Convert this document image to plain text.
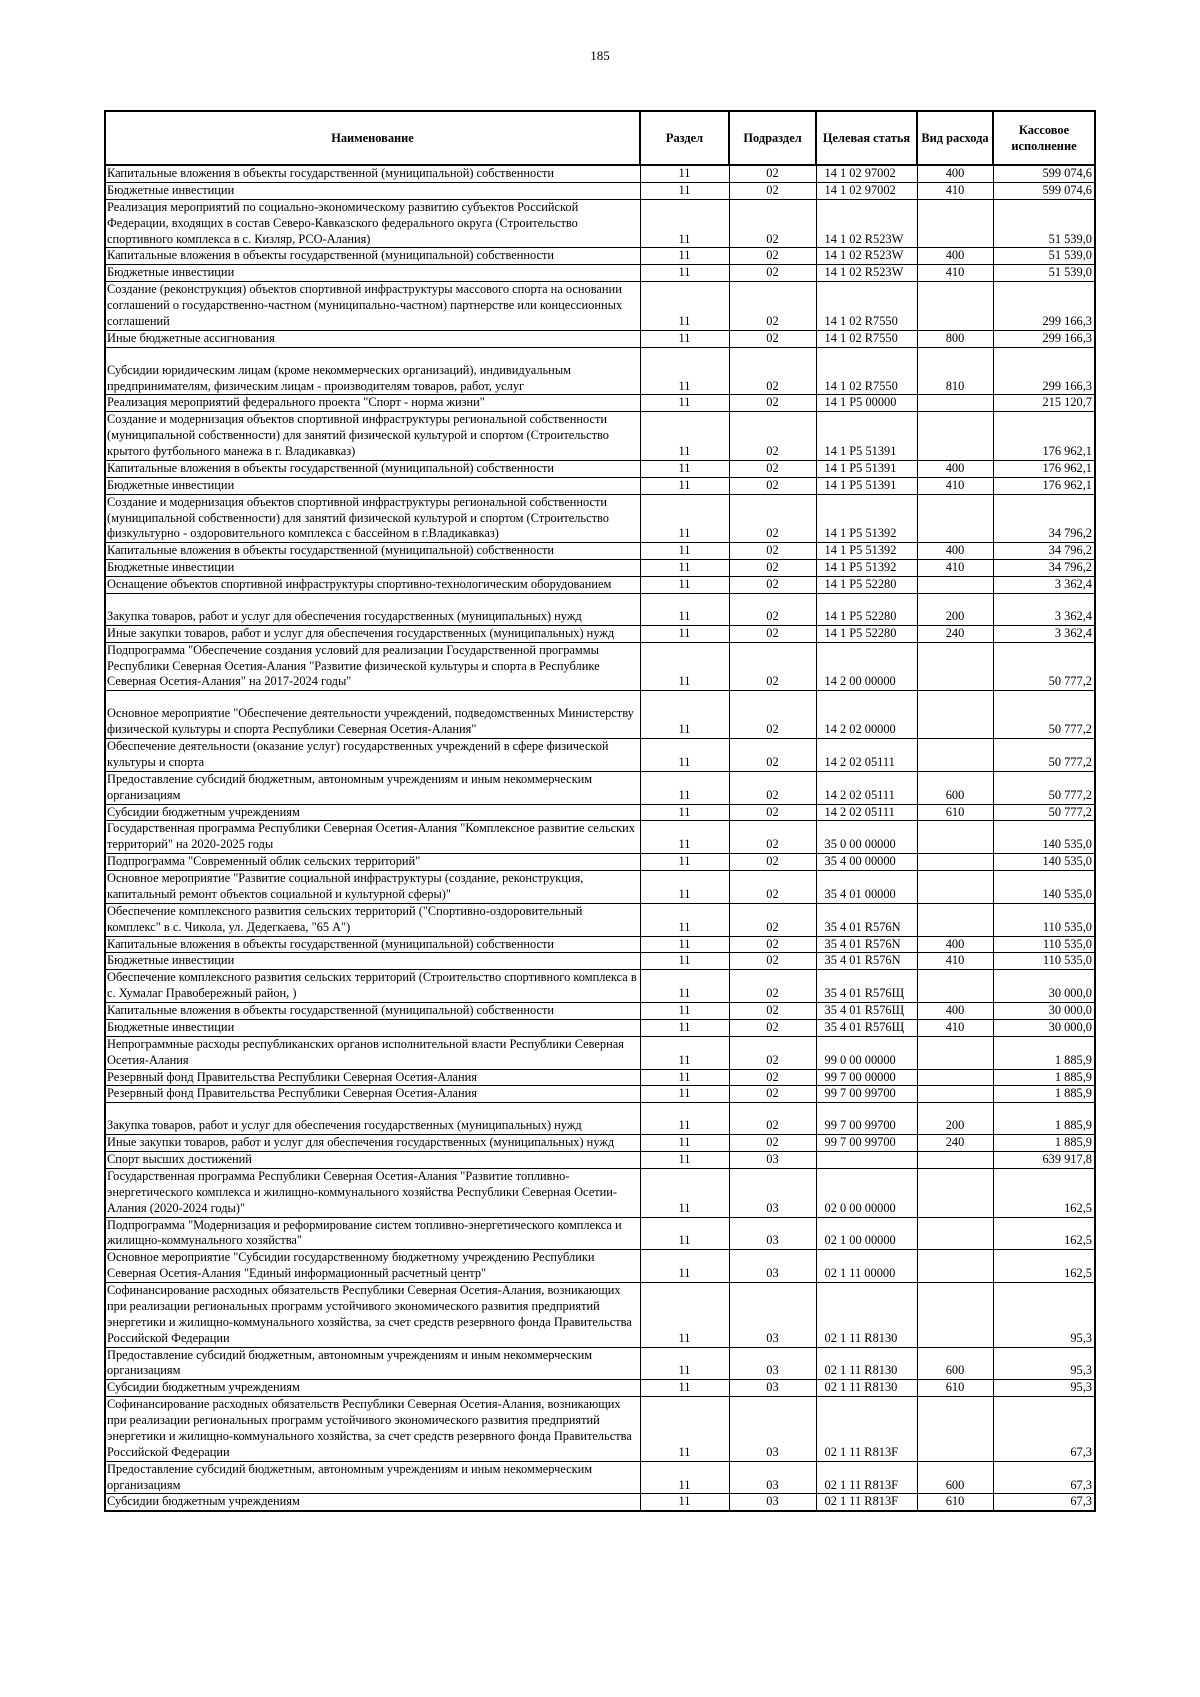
185
Наименование	Раздел	Подраздел	Целевая статья	Вид расхода	Кассовое исполнение
Капитальные вложения в объекты государственной (муниципальной) собственности	11	02	14 1 02 97002	400	599 074,6
Бюджетные инвестиции	11	02	14 1 02 97002	410	599 074,6
Реализация мероприятий по социально-экономическому развитию субъектов Российской Федерации, входящих в состав Северо-Кавказского федерального округа (Строительство спортивного комплекса в с. Кизляр, РСО-Алания)	11	02	14 1 02 R523W		51 539,0
Капитальные вложения в объекты государственной (муниципальной) собственности	11	02	14 1 02 R523W	400	51 539,0
Бюджетные инвестиции	11	02	14 1 02 R523W	410	51 539,0
Создание (реконструкция) объектов спортивной инфраструктуры массового спорта на основании соглашений о государственно-частном (муниципально-частном) партнерстве или концессионных соглашений	11	02	14 1 02 R7550		299 166,3
Иные бюджетные ассигнования	11	02	14 1 02 R7550	800	299 166,3
Субсидии юридическим лицам (кроме некоммерческих организаций), индивидуальным предпринимателям, физическим лицам - производителям товаров, работ, услуг	11	02	14 1 02 R7550	810	299 166,3
Реализация мероприятий федерального проекта "Спорт - норма жизни"	11	02	14 1 P5 00000		215 120,7
Создание и модернизация объектов спортивной инфраструктуры региональной собственности (муниципальной собственности) для занятий физической культурой и спортом (Строительство крытого футбольного манежа в г. Владикавказ)	11	02	14 1 P5 51391		176 962,1
Капитальные вложения в объекты государственной (муниципальной) собственности	11	02	14 1 P5 51391	400	176 962,1
Бюджетные инвестиции	11	02	14 1 P5 51391	410	176 962,1
Создание и модернизация объектов спортивной инфраструктуры региональной собственности (муниципальной собственности) для занятий физической культурой и спортом (Строительство физкультурно - оздоровительного комплекса с бассейном в г.Владикавказ)	11	02	14 1 P5 51392		34 796,2
Капитальные вложения в объекты государственной (муниципальной) собственности	11	02	14 1 P5 51392	400	34 796,2
Бюджетные инвестиции	11	02	14 1 P5 51392	410	34 796,2
Оснащение объектов спортивной инфраструктуры спортивно-технологическим оборудованием	11	02	14 1 P5 52280		3 362,4
Закупка товаров, работ и услуг для обеспечения государственных (муниципальных) нужд	11	02	14 1 P5 52280	200	3 362,4
Иные закупки товаров, работ и услуг для обеспечения государственных (муниципальных) нужд	11	02	14 1 P5 52280	240	3 362,4
Подпрограмма "Обеспечение создания условий для реализации Государственной программы Республики Северная Осетия-Алания "Развитие физической культуры и спорта в Республике Северная Осетия-Алания" на 2017-2024 годы"	11	02	14 2 00 00000		50 777,2
Основное мероприятие "Обеспечение деятельности учреждений, подведомственных Министерству физической культуры и спорта Республики Северная Осетия-Алания"	11	02	14 2 02 00000		50 777,2
Обеспечение деятельности (оказание услуг) государственных учреждений в сфере физической культуры и спорта	11	02	14 2 02 05111		50 777,2
Предоставление субсидий бюджетным, автономным учреждениям и иным некоммерческим организациям	11	02	14 2 02 05111	600	50 777,2
Субсидии бюджетным учреждениям	11	02	14 2 02 05111	610	50 777,2
Государственная программа Республики Северная Осетия-Алания "Комплексное развитие сельских территорий" на 2020-2025 годы	11	02	35 0 00 00000		140 535,0
Подпрограмма "Современный облик сельских территорий"	11	02	35 4 00 00000		140 535,0
Основное мероприятие "Развитие социальной инфраструктуры (создание, реконструкция, капитальный ремонт объектов социальной и культурной сферы)"	11	02	35 4 01 00000		140 535,0
Обеспечение комплексного развития сельских территорий ("Спортивно-оздоровительный комплекс" в с. Чикола, ул. Дедегкаева, "65 А")	11	02	35 4 01 R576N		110 535,0
Капитальные вложения в объекты государственной (муниципальной) собственности	11	02	35 4 01 R576N	400	110 535,0
Бюджетные инвестиции	11	02	35 4 01 R576N	410	110 535,0
Обеспечение комплексного развития сельских территорий (Строительство спортивного комплекса в с. Хумалаг Правобережный район, )	11	02	35 4 01 R576Щ		30 000,0
Капитальные вложения в объекты государственной (муниципальной) собственности	11	02	35 4 01 R576Щ	400	30 000,0
Бюджетные инвестиции	11	02	35 4 01 R576Щ	410	30 000,0
Непрограммные расходы республиканских органов исполнительной власти Республики Северная Осетия-Алания	11	02	99 0 00 00000		1 885,9
Резервный фонд Правительства Республики Северная Осетия-Алания	11	02	99 7 00 00000		1 885,9
Резервный фонд Правительства Республики Северная Осетия-Алания	11	02	99 7 00 99700		1 885,9
Закупка товаров, работ и услуг для обеспечения государственных (муниципальных) нужд	11	02	99 7 00 99700	200	1 885,9
Иные закупки товаров, работ и услуг для обеспечения государственных (муниципальных) нужд	11	02	99 7 00 99700	240	1 885,9
Спорт высших достижений	11	03			639 917,8
Государственная программа Республики Северная Осетия-Алания "Развитие топливно-энергетического комплекса и жилищно-коммунального хозяйства Республики Северная Осетии-Алания (2020-2024 годы)"	11	03	02 0 00 00000		162,5
Подпрограмма "Модернизация и реформирование систем топливно-энергетического комплекса и жилищно-коммунального хозяйства"	11	03	02 1 00 00000		162,5
Основное мероприятие "Субсидии государственному бюджетному учреждению Республики Северная Осетия-Алания "Единый информационный расчетный центр"	11	03	02 1 11 00000		162,5
Софинансирование расходных обязательств Республики Северная Осетия-Алания, возникающих при реализации региональных программ устойчивого экономического развития предприятий энергетики и жилищно-коммунального хозяйства, за счет средств резервного фонда Правительства Российской Федерации	11	03	02 1 11 R8130		95,3
Предоставление субсидий бюджетным, автономным учреждениям и иным некоммерческим организациям	11	03	02 1 11 R8130	600	95,3
Субсидии бюджетным учреждениям	11	03	02 1 11 R8130	610	95,3
Софинансирование расходных обязательств Республики Северная Осетия-Алания, возникающих при реализации региональных программ устойчивого экономического развития предприятий энергетики и жилищно-коммунального хозяйства, за счет средств резервного фонда Правительства Российской Федерации	11	03	02 1 11 R813F		67,3
Предоставление субсидий бюджетным, автономным учреждениям и иным некоммерческим организациям	11	03	02 1 11 R813F	600	67,3
Субсидии бюджетным учреждениям	11	03	02 1 11 R813F	610	67,3
